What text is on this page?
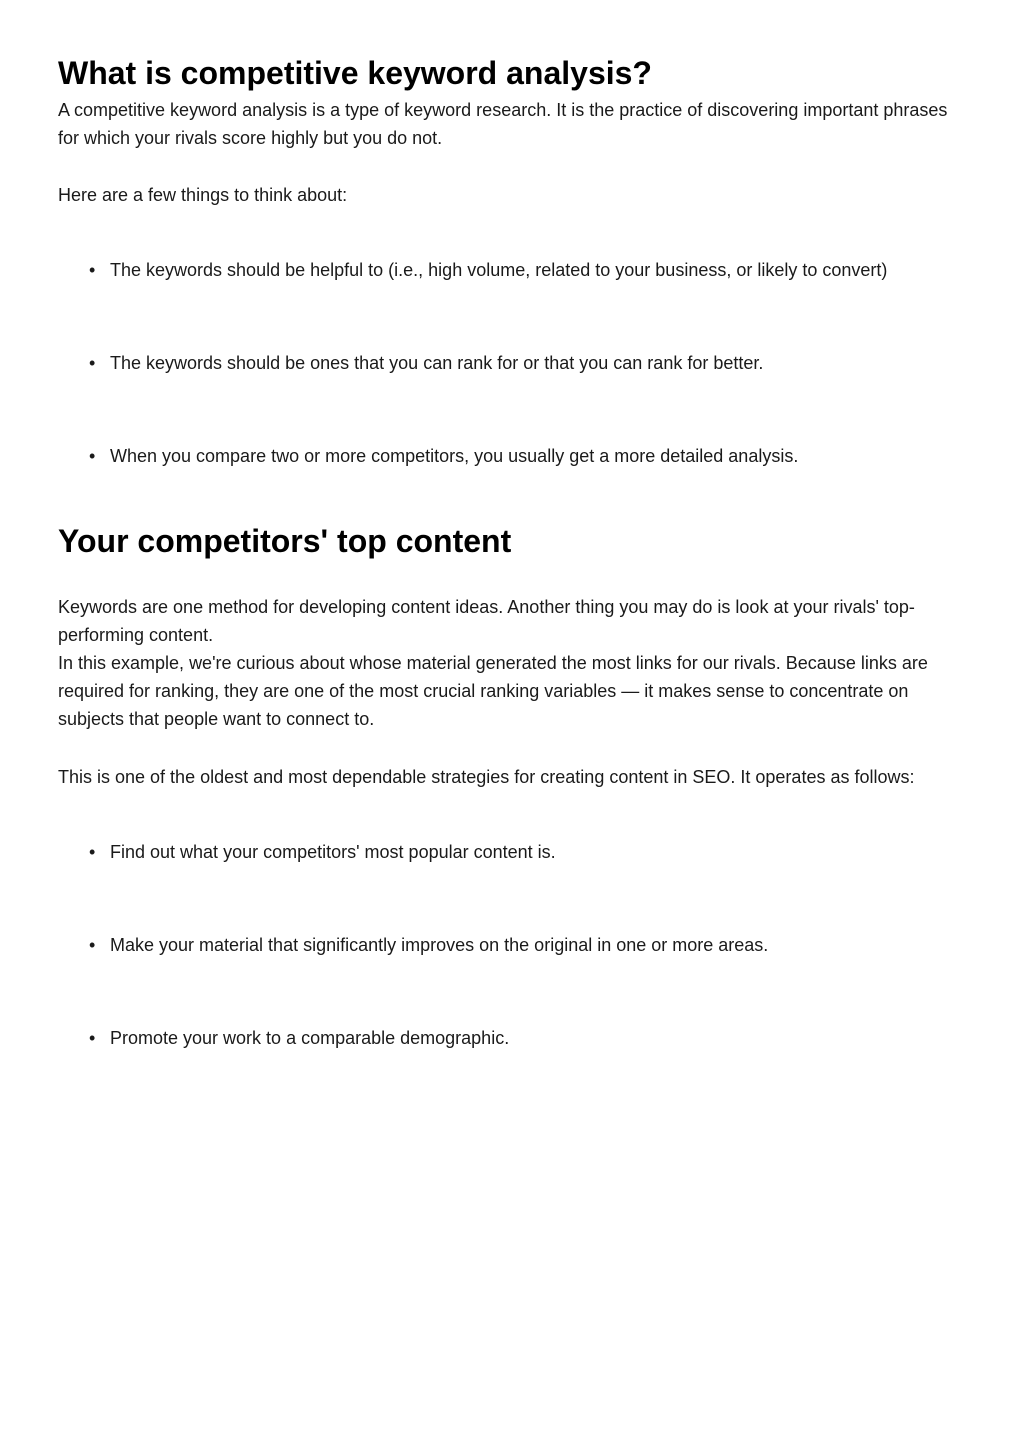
What is competitive keyword analysis?

A competitive keyword analysis is a type of keyword research. It is the practice of discovering important phrases for which your rivals score highly but you do not.

Here are a few things to think about:

• The keywords should be helpful to (i.e., high volume, related to your business, or likely to convert)
• The keywords should be ones that you can rank for or that you can rank for better.
• When you compare two or more competitors, you usually get a more detailed analysis.
Your competitors' top content

Keywords are one method for developing content ideas. Another thing you may do is look at your rivals' top-performing content.

In this example, we're curious about whose material generated the most links for our rivals. Because links are required for ranking, they are one of the most crucial ranking variables — it makes sense to concentrate on subjects that people want to connect to.

This is one of the oldest and most dependable strategies for creating content in SEO. It operates as follows:

• Find out what your competitors' most popular content is.
• Make your material that significantly improves on the original in one or more areas.
• Promote your work to a comparable demographic.
